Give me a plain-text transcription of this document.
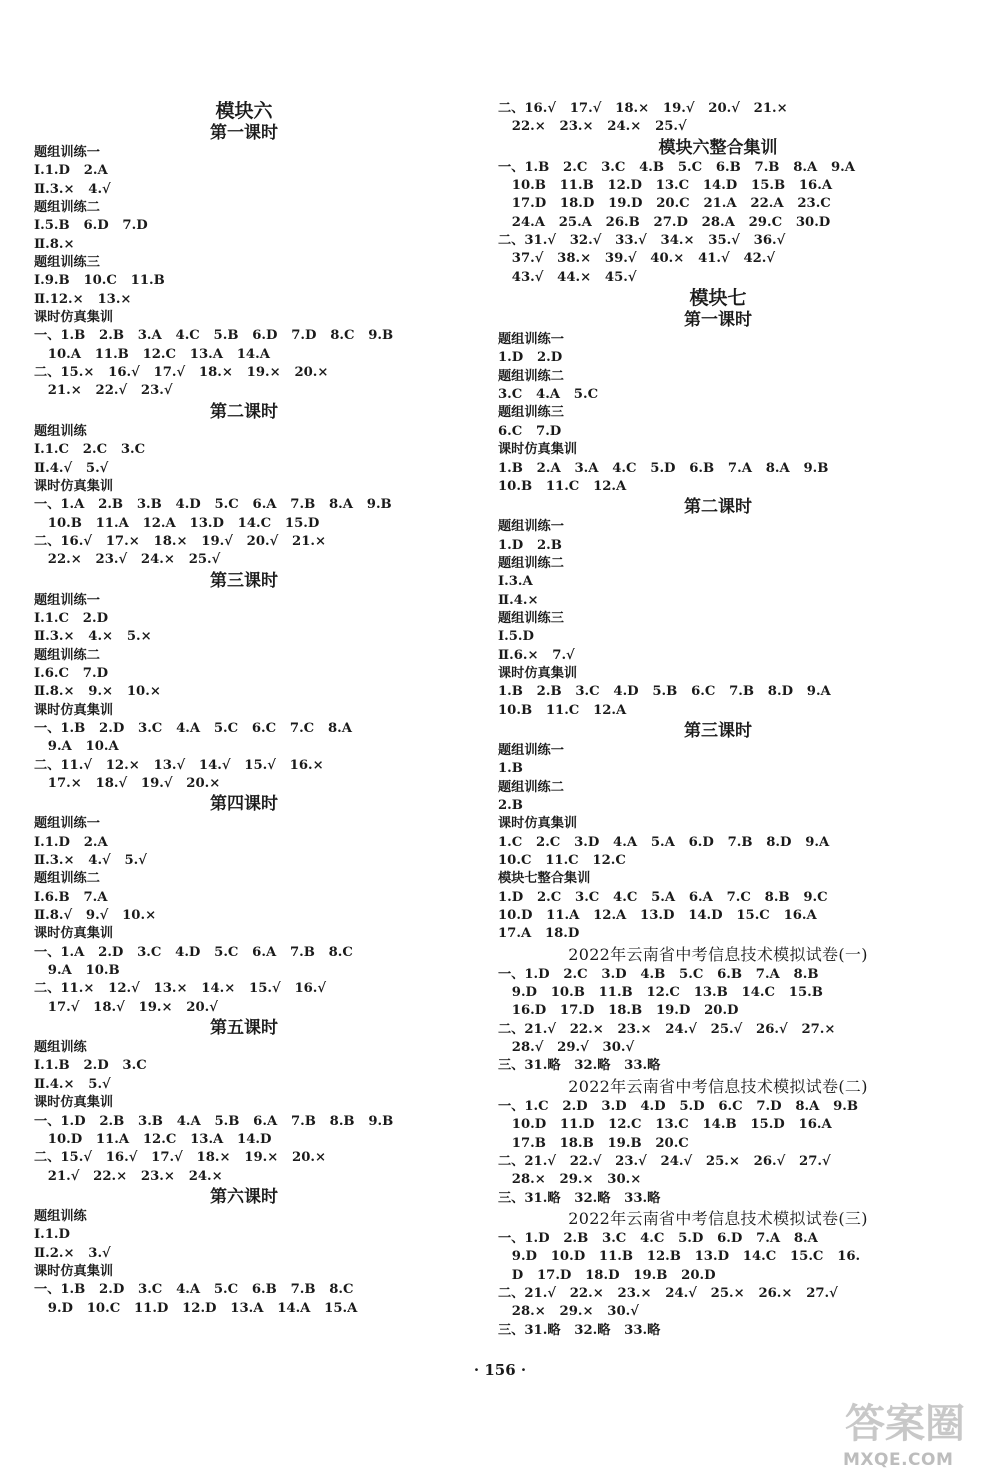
模块六
第一课时
题组训练一
Ⅰ.1.D   2.A
Ⅱ.3.×   4.√
题组训练二
Ⅰ.5.B   6.D   7.D
Ⅱ.8.×
题组训练三
Ⅰ.9.B   10.C   11.B
Ⅱ.12.×   13.×
课时仿真集训
一、1.B   2.B   3.A   4.C   5.B   6.D   7.D   8.C   9.B
10.A   11.B   12.C   13.A   14.A
二、15.×   16.√   17.√   18.×   19.×   20.×
21.×   22.√   23.√
第二课时
题组训练
Ⅰ.1.C   2.C   3.C
Ⅱ.4.√   5.√
课时仿真集训
一、1.A   2.B   3.B   4.D   5.C   6.A   7.B   8.A   9.B
10.B   11.A   12.A   13.D   14.C   15.D
二、16.√   17.×   18.×   19.√   20.√   21.×
22.×   23.√   24.×   25.√
第三课时
题组训练一
Ⅰ.1.C   2.D
Ⅱ.3.×   4.×   5.×
题组训练二
Ⅰ.6.C   7.D
Ⅱ.8.×   9.×   10.×
课时仿真集训
一、1.B   2.D   3.C   4.A   5.C   6.C   7.C   8.A
9.A   10.A
二、11.√   12.×   13.√   14.√   15.√   16.×
17.×   18.√   19.√   20.×
第四课时
题组训练一
Ⅰ.1.D   2.A
Ⅱ.3.×   4.√   5.√
题组训练二
Ⅰ.6.B   7.A
Ⅱ.8.√   9.√   10.×
课时仿真集训
一、1.A   2.D   3.C   4.D   5.C   6.A   7.B   8.C
9.A   10.B
二、11.×   12.√   13.×   14.×   15.√   16.√
17.√   18.√   19.×   20.√
第五课时
题组训练
Ⅰ.1.B   2.D   3.C
Ⅱ.4.×   5.√
课时仿真集训
一、1.D   2.B   3.B   4.A   5.B   6.A   7.B   8.B   9.B
10.D   11.A   12.C   13.A   14.D
二、15.√   16.√   17.√   18.×   19.×   20.×
21.√   22.×   23.×   24.×
第六课时
题组训练
Ⅰ.1.D
Ⅱ.2.×   3.√
课时仿真集训
一、1.B   2.D   3.C   4.A   5.C   6.B   7.B   8.C
9.D   10.C   11.D   12.D   13.A   14.A   15.A
二、16.√   17.√   18.×   19.√   20.√   21.×
22.×   23.×   24.×   25.√
模块六整合集训
一、1.B   2.C   3.C   4.B   5.C   6.B   7.B   8.A   9.A
10.B   11.B   12.D   13.C   14.D   15.B   16.A
17.D   18.D   19.D   20.C   21.A   22.A   23.C
24.A   25.A   26.B   27.D   28.A   29.C   30.D
二、31.√   32.√   33.√   34.×   35.√   36.√
37.√   38.×   39.√   40.×   41.√   42.√
43.√   44.×   45.√
模块七
第一课时
题组训练一
1.D   2.D
题组训练二
3.C   4.A   5.C
题组训练三
6.C   7.D
课时仿真集训
1.B   2.A   3.A   4.C   5.D   6.B   7.A   8.A   9.B
10.B   11.C   12.A
第二课时
题组训练一
1.D   2.B
题组训练二
Ⅰ.3.A
Ⅱ.4.×
题组训练三
Ⅰ.5.D
Ⅱ.6.×   7.√
课时仿真集训
1.B   2.B   3.C   4.D   5.B   6.C   7.B   8.D   9.A
10.B   11.C   12.A
第三课时
题组训练一
1.B
题组训练二
2.B
课时仿真集训
1.C   2.C   3.D   4.A   5.A   6.D   7.B   8.D   9.A
10.C   11.C   12.C
模块七整合集训
1.D   2.C   3.C   4.C   5.A   6.A   7.C   8.B   9.C
10.D   11.A   12.A   13.D   14.D   15.C   16.A
17.A   18.D
2022年云南省中考信息技术模拟试卷(一)
一、1.D   2.C   3.D   4.B   5.C   6.B   7.A   8.B
9.D   10.B   11.B   12.C   13.B   14.C   15.B
16.D   17.D   18.B   19.D   20.D
二、21.√   22.×   23.×   24.√   25.√   26.√   27.×
28.√   29.√   30.√
三、31.略   32.略   33.略
2022年云南省中考信息技术模拟试卷(二)
一、1.C   2.D   3.D   4.D   5.D   6.C   7.D   8.A   9.B
10.D   11.D   12.C   13.C   14.B   15.D   16.A
17.B   18.B   19.B   20.C
二、21.√   22.√   23.√   24.√   25.×   26.√   27.√
28.×   29.×   30.×
三、31.略   32.略   33.略
2022年云南省中考信息技术模拟试卷(三)
一、1.D   2.B   3.C   4.C   5.D   6.D   7.A   8.A
9.D   10.D   11.B   12.B   13.D   14.C   15.C   16.
D   17.D   18.D   19.B   20.D
二、21.√   22.×   23.×   24.√   25.×   26.×   27.√
28.×   29.×   30.√
三、31.略   32.略   33.略
· 156 ·
答案圈
MXQE.COM
